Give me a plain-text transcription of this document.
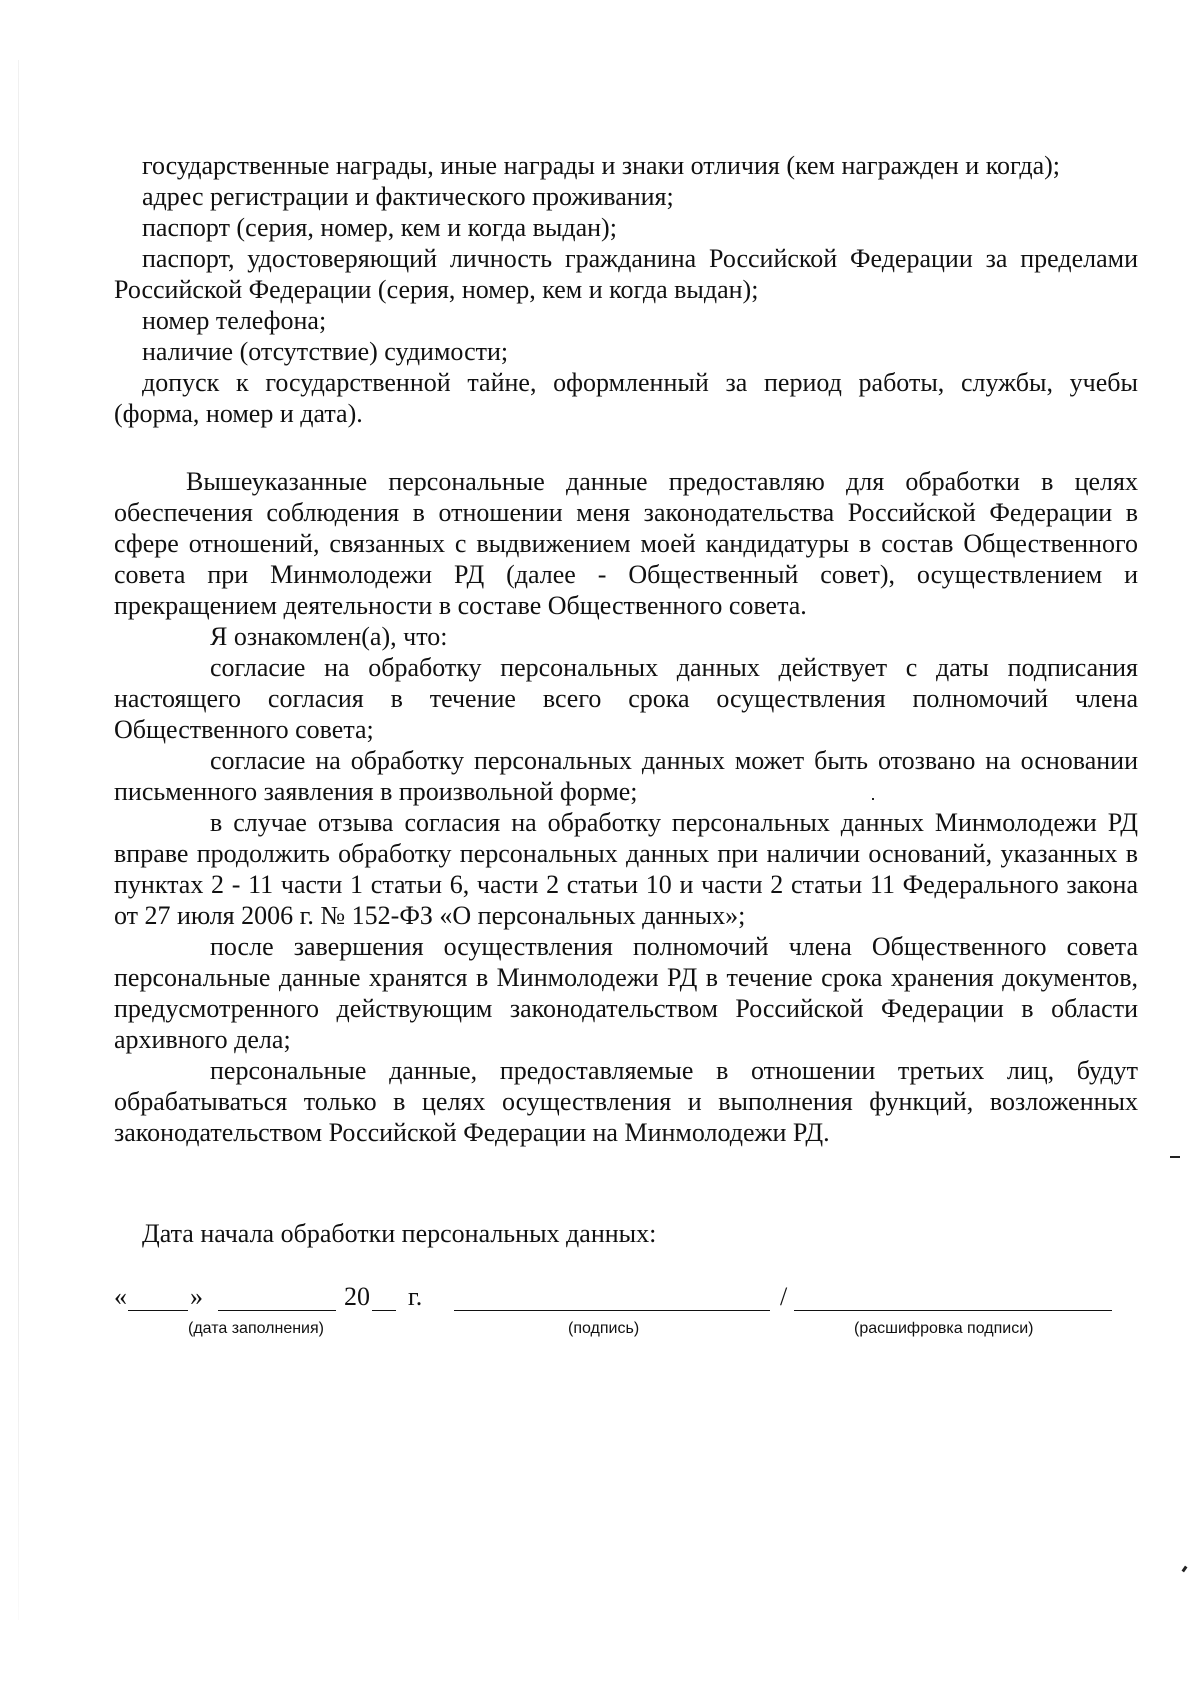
государственные награды, иные награды и знаки отличия (кем награжден и когда);

адрес регистрации и фактического проживания;

паспорт (серия, номер, кем и когда выдан);

паспорт, удостоверяющий личность гражданина Российской Федерации за пределами Российской Федерации (серия, номер, кем и когда выдан);

номер телефона;

наличие (отсутствие) судимости;

допуск к государственной тайне, оформленный за период работы, службы, учебы (форма, номер и дата).

Вышеуказанные персональные данные предоставляю для обработки в целях обеспечения соблюдения в отношении меня законодательства Российской Федерации в сфере отношений, связанных с выдвижением моей кандидатуры в состав Общественного совета при Минмолодежи РД (далее - Общественный совет), осуществлением и прекращением деятельности в составе Общественного совета.

Я ознакомлен(а), что:

согласие на обработку персональных данных действует с даты подписания настоящего согласия в течение всего срока осуществления полномочий члена Общественного совета;

согласие на обработку персональных данных может быть отозвано на основании письменного заявления в произвольной форме;

в случае отзыва согласия на обработку персональных данных Минмолодежи РД вправе продолжить обработку персональных данных при наличии оснований, указанных в пунктах 2 - 11 части 1 статьи 6, части 2 статьи 10 и части 2 статьи 11 Федерального закона от 27 июля 2006 г. № 152-ФЗ «О персональных данных»;

после завершения осуществления полномочий члена Общественного совета персональные данные хранятся в Минмолодежи РД в течение срока хранения документов, предусмотренного действующим законодательством Российской Федерации в области архивного дела;

персональные данные, предоставляемые в отношении третьих лиц, будут обрабатываться только в целях осуществления и выполнения функций, возложенных законодательством Российской Федерации на Минмолодежи РД.

Дата начала обработки персональных данных:
« »	20 г.	/
(дата заполнения)	(подпись)	(расшифровка подписи)
